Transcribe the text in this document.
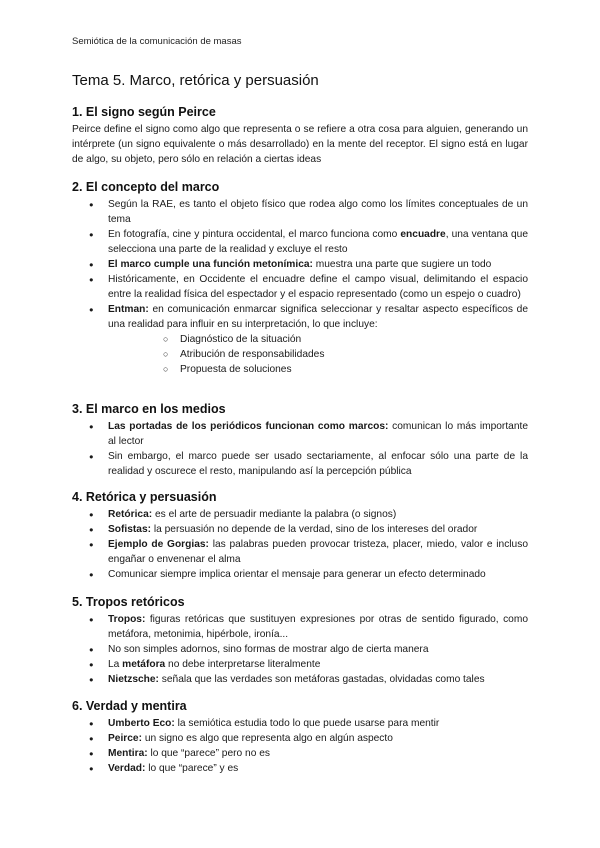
Semiótica de la comunicación de masas
Tema 5. Marco, retórica y persuasión
1. El signo según Peirce

Peirce define el signo como algo que representa o se refiere a otra cosa para alguien, generando un intérprete (un signo equivalente o más desarrollado) en la mente del receptor. El signo está en lugar de algo, su objeto, pero sólo en relación a ciertas ideas

2. El concepto del marco
● Según la RAE, es tanto el objeto físico que rodea algo como los límites conceptuales de un tema
● En fotografía, cine y pintura occidental, el marco funciona como encuadre, una ventana que selecciona una parte de la realidad y excluye el resto
● El marco cumple una función metonímica: muestra una parte que sugiere un todo
● Históricamente, en Occidente el encuadre define el campo visual, delimitando el espacio entre la realidad física del espectador y el espacio representado (como un espejo o cuadro)
● Entman: en comunicación enmarcar significa seleccionar y resaltar aspecto específicos de una realidad para influir en su interpretación, lo que incluye:
○ Diagnóstico de la situación
○ Atribución de responsabilidades
○ Propuesta de soluciones
3. El marco en los medios
● Las portadas de los periódicos funcionan como marcos: comunican lo más importante al lector
● Sin embargo, el marco puede ser usado sectariamente, al enfocar sólo una parte de la realidad y oscurece el resto, manipulando así la percepción pública
4. Retórica y persuasión
● Retórica: es el arte de persuadir mediante la palabra (o signos)
● Sofistas: la persuasión no depende de la verdad, sino de los intereses del orador
● Ejemplo de Gorgias: las palabras pueden provocar tristeza, placer, miedo, valor e incluso engañar o envenenar el alma
● Comunicar siempre implica orientar el mensaje para generar un efecto determinado
5. Tropos retóricos
● Tropos: figuras retóricas que sustituyen expresiones por otras de sentido figurado, como metáfora, metonimia, hipérbole, ironía...
● No son simples adornos, sino formas de mostrar algo de cierta manera
● La metáfora no debe interpretarse literalmente
● Nietzsche: señala que las verdades son metáforas gastadas, olvidadas como tales
6. Verdad y mentira
● Umberto Eco: la semiótica estudia todo lo que puede usarse para mentir
● Peirce: un signo es algo que representa algo en algún aspecto
● Mentira: lo que “parece” pero no es
● Verdad: lo que “parece” y es
